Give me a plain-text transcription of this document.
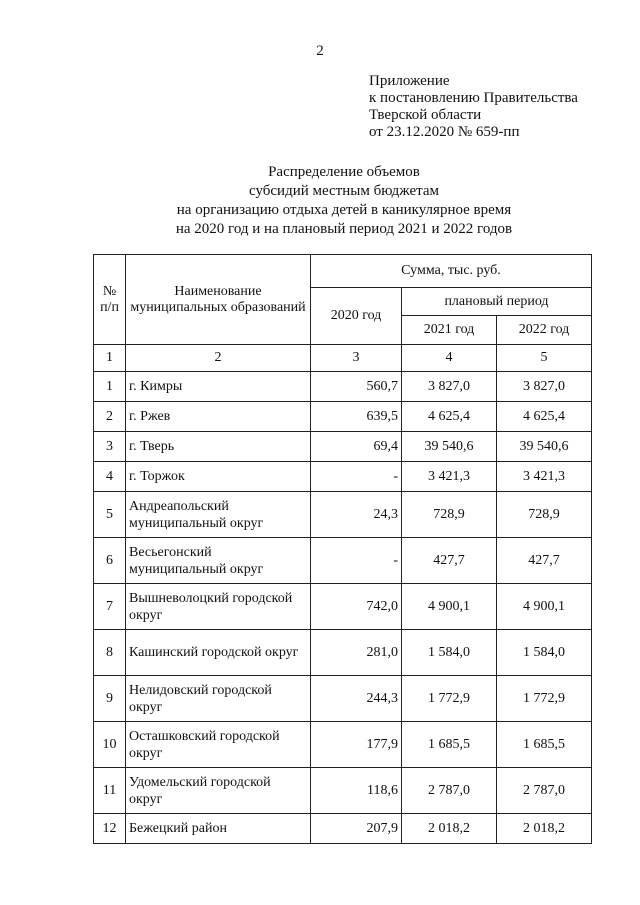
2
Приложение
к постановлению Правительства
Тверской области
от 23.12.2020 № 659-пп
Распределение объемов
субсидий местным бюджетам
на организацию отдыха детей в каникулярное время
на 2020 год и на плановый период 2021 и 2022 годов
№ п/п	Наименование муниципальных образований	Сумма, тыс. руб.		
		2020 год	плановый период	
			2021 год	2022 год
1	2	3	4	5
1	г. Кимры	560,7	3 827,0	3 827,0
2	г. Ржев	639,5	4 625,4	4 625,4
3	г. Тверь	69,4	39 540,6	39 540,6
4	г. Торжок	-	3 421,3	3 421,3
5	Андреапольский муниципальный округ	24,3	728,9	728,9
6	Весьегонский муниципальный округ	-	427,7	427,7
7	Вышневолоцкий городской округ	742,0	4 900,1	4 900,1
8	Кашинский городской округ	281,0	1 584,0	1 584,0
9	Нелидовский городской округ	244,3	1 772,9	1 772,9
10	Осташковский городской округ	177,9	1 685,5	1 685,5
11	Удомельский городской округ	118,6	2 787,0	2 787,0
12	Бежецкий район	207,9	2 018,2	2 018,2
